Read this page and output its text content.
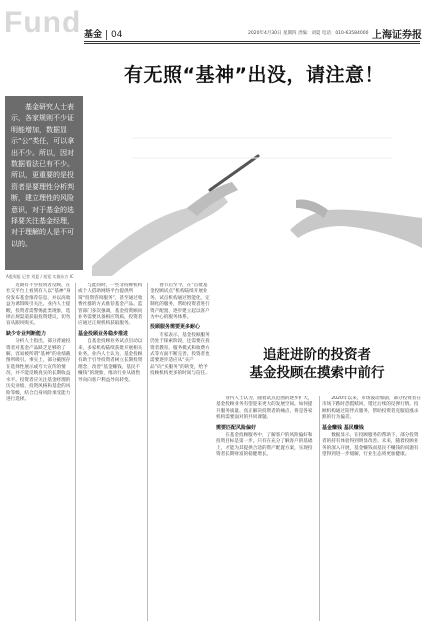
Fund 基金 04	2020年4月30日 星期四 责编：刘夏 电话：010-63584000 上海证券报
有无照“基神”出没，请注意！

基金研究人士表示，各家规则不少证明能增加，数据显示“公”类任，可以拿出不少。所以，因对数据看法已有不少。所以，更重要的是投资者是要理性分析判断，建立理性的风险意识，对于基金的选择要关注基金经理，对于理解的人是不可以的。

A股周报 记者 刘夏 / 视觉 实施东方 IC

近期有不少投资者反映，在社交平台上看到有人以“基神”身份发布基金推荐信息，并以高收益为诱饵吸引关注。业内人士提醒，投资者需警惕此类现象，选择正规渠道获取投资建议，切勿盲从跟风购买。

缺少专业判断能力

分析人士指出，部分普通投资者对基金产品缺乏足够的了解，容易被所谓“基神”的业绩截图所吸引。事实上，部分截图存在选择性展示或夸大宣传的情况，并不能反映真实的长期收益水平。投资者应关注基金经理的历史业绩、投资风格和基金的风险等级，结合自身风险承受能力进行选择。

与此同时，一些非持牌机构或个人借助网络平台提供所谓“投资咨询服务”，甚至通过收费社群的方式推荐基金产品。监管部门多次强调，基金投资顾问业务需要具备相应资质，投资者应通过正规机构获取服务。

基金投顾业务稳步推进

自基金投顾业务试点启动以来，多家机构陆续获批开展相关业务。业内人士认为，基金投顾有助于引导投资者树立长期投资理念，改善“基金赚钱，基民不赚钱”的现象，推动行业从销售导向向客户利益导向转变。

春节后至今，在“首批基金投顾试点”机构陆续开展业务。试点机构通过智能化、定制化的服务，帮助投资者进行资产配置，逐步建立起以客户为中心的服务体系。

投顾服务需要更多耐心

专家表示，基金投顾服务仍处于探索阶段，还需要在投资者教育、服务模式和收费方式等方面不断完善。投资者也需要逐步适应从“买产品”向“买服务”的转变，给予投顾机构更多的时间与信任。

追赶进阶的投资者
基金投顾在摸索中前行

业内人士认为，随着试点范围的逐步扩大，基金投顾业务有望迎来更大的发展空间。如何提升服务质量、真正解决投资者的痛点，将是各家机构需要面对的共同课题。

需要匹配风险偏好

在基金投顾服务中，了解客户的风险偏好和投资目标是第一步。只有在充分了解客户的基础上，才能为其提供合适的资产配置方案，实现投资者长期财富的稳健增长。

2020年以来，市场波动加剧，部分投资者在市场下跌时恐慌赎回，错过后续的反弹行情。投顾机构通过陪伴式服务，帮助投资者克服追涨杀跌的行为偏差。

基金赚钱 基民赚钱

数据显示，在投顾服务的帮助下，部分投资者的持有体验得到明显改善。未来，随着投顾业务的深入开展，基金赚钱而基民不赚钱的问题有望得到进一步缓解，行业生态将更加健康。
